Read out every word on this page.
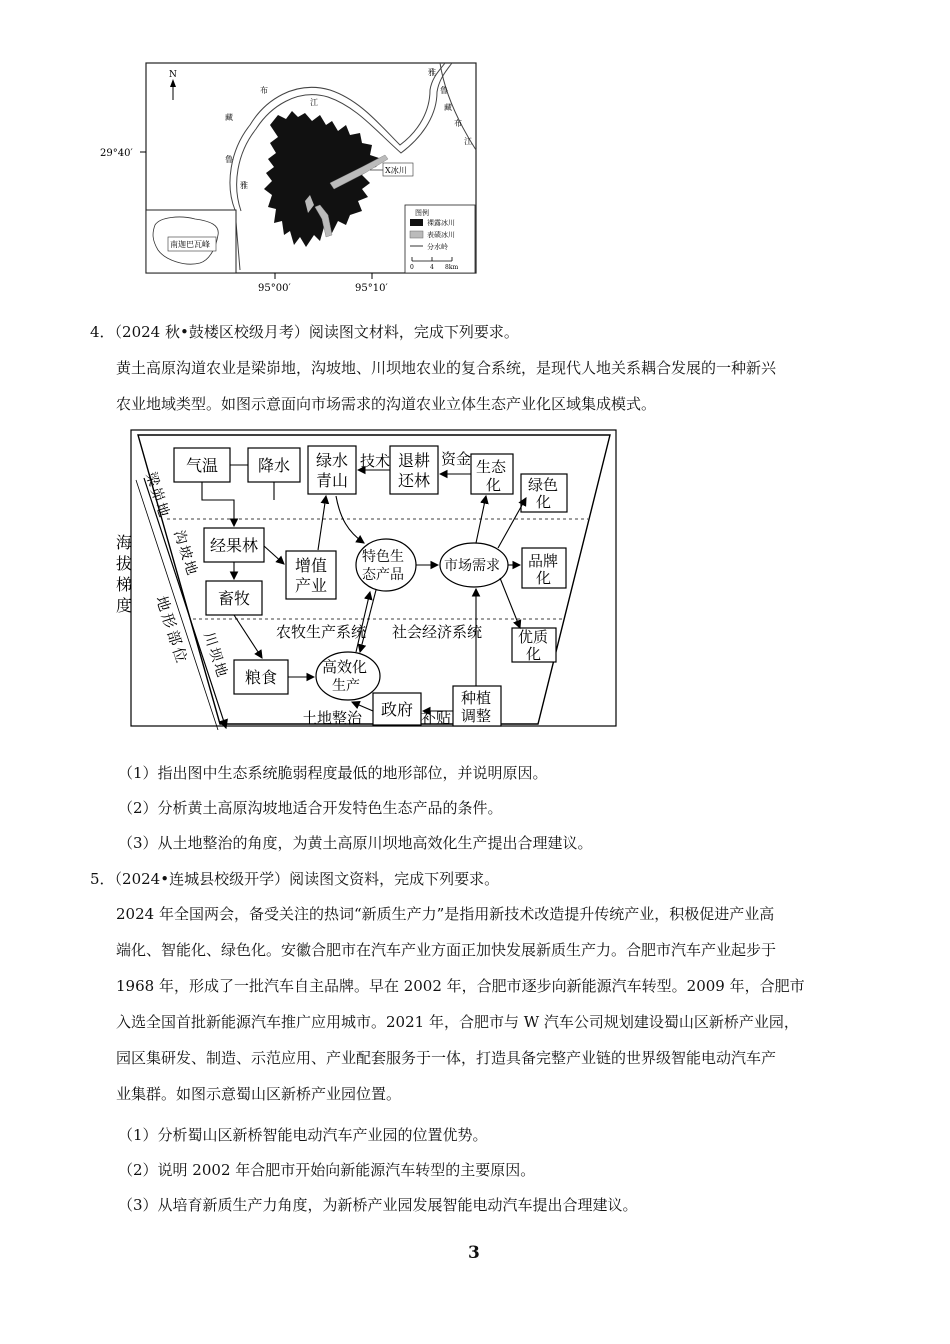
N
29°40′
95°00′	95°10′
布
江
藏
鲁
雅
雅
鲁
藏
布
江
X冰川
南迦巴瓦峰
图例
裸露冰川
表碛冰川
分水岭
0	4 8km
4．（2024 秋•鼓楼区校级月考）阅读图文材料，完成下列要求。
黄土高原沟道农业是梁峁地，沟坡地、川坝地农业的复合系统，是现代人地关系耦合发展的一种新兴
农业地域类型。如图示意面向市场需求的沟道农业立体生态产业化区域集成模式。
海
拔
梯
度 地
形
部
位
梁
峁
地
沟
坡
地
川
坝
地
气温 降水 绿水
青山
退耕
还林
生态
化 绿色
化
经果林
增值
产业
品牌
化
畜牧
优质
化
粮食
政府
种植
调整
特色生
态产品
市场需求
高效化
生产
技术	资金
土地整治	补贴
农牧生产系统 社会经济系统
（1）指出图中生态系统脆弱程度最低的地形部位，并说明原因。
（2）分析黄土高原沟坡地适合开发特色生态产品的条件。
（3）从土地整治的角度，为黄土高原川坝地高效化生产提出合理建议。
5．（2024•连城县校级开学）阅读图文资料，完成下列要求。
2024 年全国两会，备受关注的热词“新质生产力”是指用新技术改造提升传统产业，积极促进产业高
端化、智能化、绿色化。安徽合肥市在汽车产业方面正加快发展新质生产力。合肥市汽车产业起步于
1968 年，形成了一批汽车自主品牌。早在 2002 年，合肥市逐步向新能源汽车转型。2009 年，合肥市
入选全国首批新能源汽车推广应用城市。2021 年，合肥市与 W 汽车公司规划建设蜀山区新桥产业园，
园区集研发、制造、示范应用、产业配套服务于一体，打造具备完整产业链的世界级智能电动汽车产
业集群。如图示意蜀山区新桥产业园位置。
（1）分析蜀山区新桥智能电动汽车产业园的位置优势。
（2）说明 2002 年合肥市开始向新能源汽车转型的主要原因。
（3）从培育新质生产力角度，为新桥产业园发展智能电动汽车提出合理建议。
3
